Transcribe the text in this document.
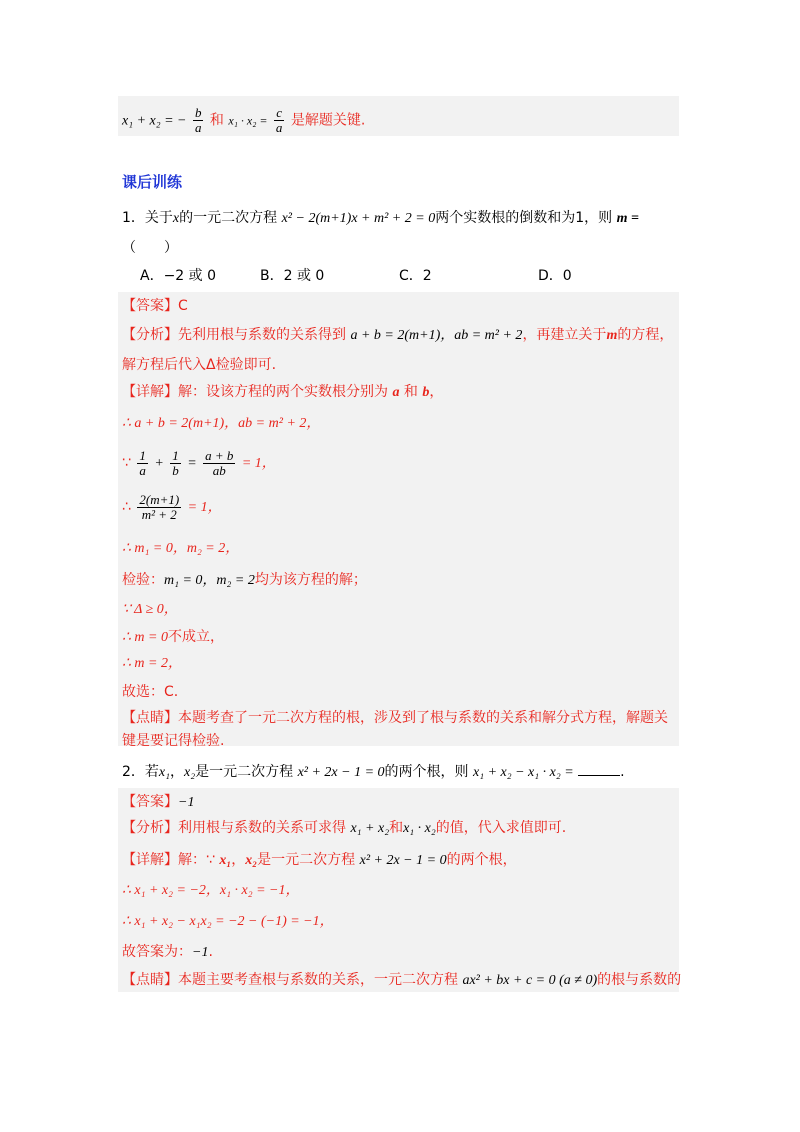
x₁ + x₂ = − $\frac{b}{a}$ 和 $x_1 \cdot x_2 = \frac{c}{a}$ 是解题关键.
课后训练
1．关于x的一元二次方程 x² − 2(m+1)x + m² + 2 = 0两个实数根的倒数和为1，则 m =
（　　）
A．−2 或 0	B．2 或 0	C．2	D．0
【答案】C
【分析】先利用根与系数的关系得到 a + b = 2(m+1)，ab = m² + 2，再建立关于m的方程，
解方程后代入Δ检验即可.
【详解】解：设该方程的两个实数根分别为 a 和 b，
∴ a + b = 2(m+1)，ab = m² + 2，
∵ $\frac{1}{a} + \frac{1}{b} = \frac{a + b}{ab} = 1$，
∴ $\frac{2(m+1)}{\text{m² + 2}} = 1$，
∴ m₁ = 0，m₂ = 2，
检验：m₁ = 0，m₂ = 2均为该方程的解；
∵ Δ ≥ 0，
∴ m = 0不成立，
∴ m = 2，
故选：C.
【点睛】本题考查了一元二次方程的根，涉及到了根与系数的关系和解分式方程，解题关
键是要记得检验.
2．若x₁，x₂是一元二次方程 x² + 2x − 1 = 0的两个根，则 x₁ + x₂ − x₁ · x₂ =	.
【答案】−1
【分析】利用根与系数的关系可求得 x₁ + x₂和x₁ · x₂的值，代入求值即可.
【详解】解：∵ x₁，x₂是一元二次方程 x² + 2x − 1 = 0的两个根，
∴ x₁ + x₂ = −2，x₁ · x₂ = −1，
∴ x₁ + x₂ − x₁x₂ = −2 − (−1) = −1，
故答案为：−1.
【点睛】本题主要考查根与系数的关系，一元二次方程 ax² + bx + c = 0 (a ≠ 0)的根与系数的
